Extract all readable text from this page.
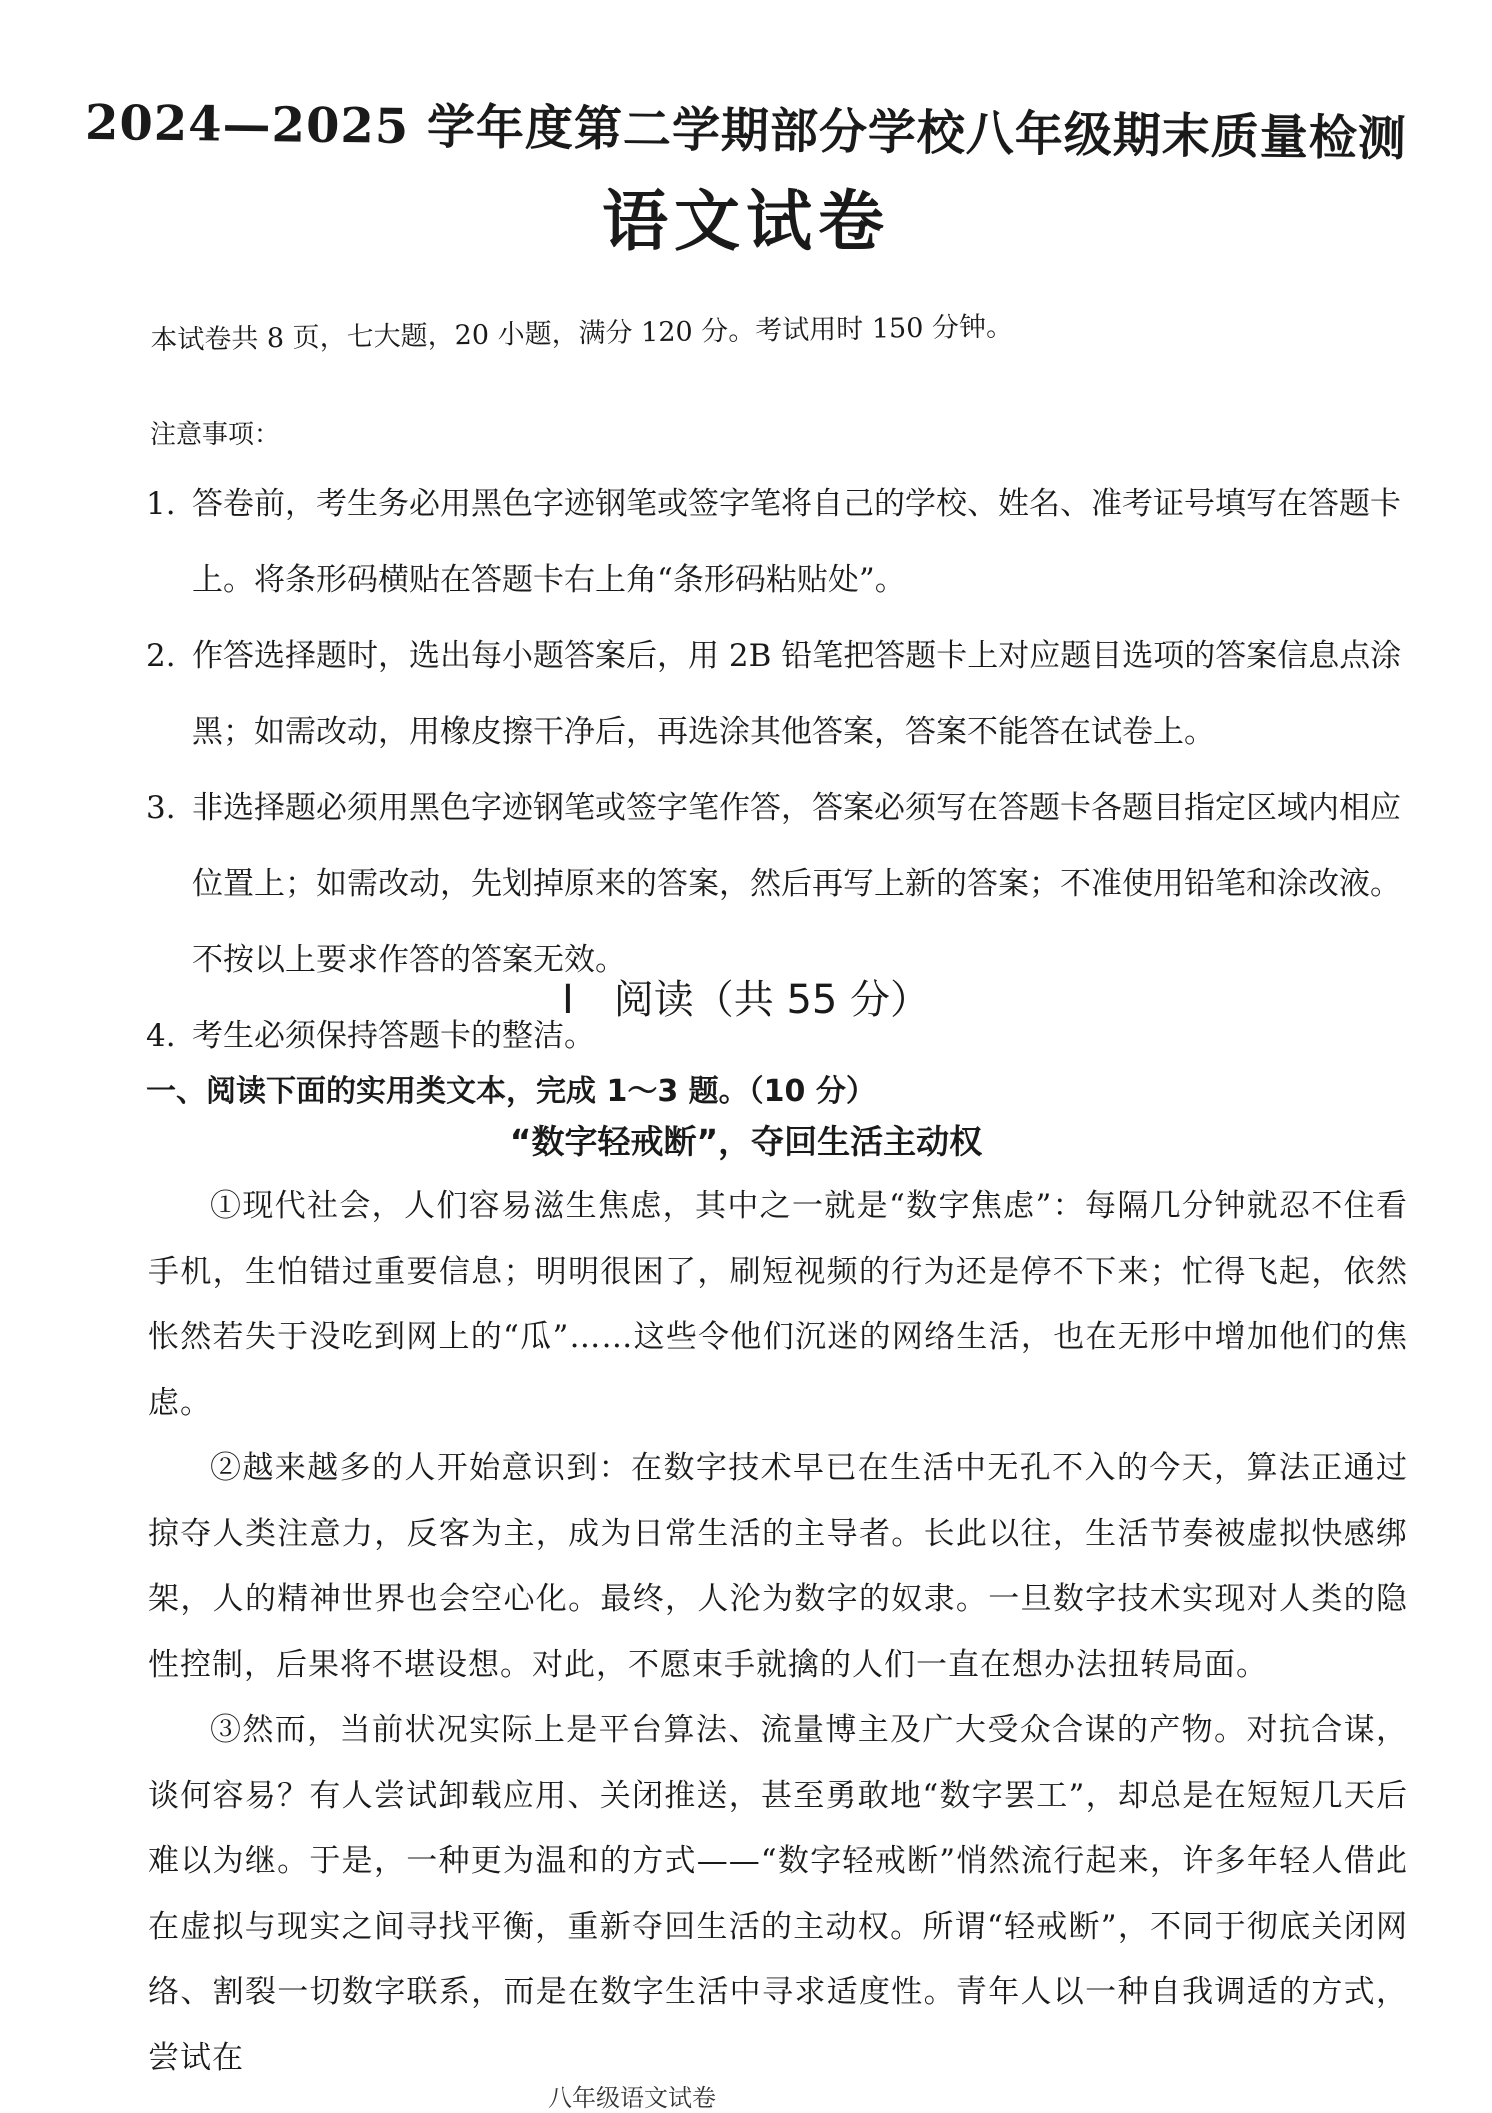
2024—2025 学年度第二学期部分学校八年级期末质量检测
语文试卷
本试卷共 8 页，七大题，20 小题，满分 120 分。考试用时 150 分钟。
注意事项：
1. 答卷前，考生务必用黑色字迹钢笔或签字笔将自己的学校、姓名、准考证号填写在答题卡上。将条形码横贴在答题卡右上角“条形码粘贴处”。
2. 作答选择题时，选出每小题答案后，用 2B 铅笔把答题卡上对应题目选项的答案信息点涂黑；如需改动，用橡皮擦干净后，再选涂其他答案，答案不能答在试卷上。
3. 非选择题必须用黑色字迹钢笔或签字笔作答，答案必须写在答题卡各题目指定区域内相应位置上；如需改动，先划掉原来的答案，然后再写上新的答案；不准使用铅笔和涂改液。不按以上要求作答的答案无效。
4. 考生必须保持答题卡的整洁。
Ⅰ　阅读（共 55 分）
一、阅读下面的实用类文本，完成 1～3 题。（10 分）
“数字轻戒断”，夺回生活主动权

①现代社会，人们容易滋生焦虑，其中之一就是“数字焦虑”：每隔几分钟就忍不住看手机，生怕错过重要信息；明明很困了，刷短视频的行为还是停不下来；忙得飞起，依然怅然若失于没吃到网上的“瓜”……这些令他们沉迷的网络生活，也在无形中增加他们的焦虑。

②越来越多的人开始意识到：在数字技术早已在生活中无孔不入的今天，算法正通过掠夺人类注意力，反客为主，成为日常生活的主导者。长此以往，生活节奏被虚拟快感绑架，人的精神世界也会空心化。最终，人沦为数字的奴隶。一旦数字技术实现对人类的隐性控制，后果将不堪设想。对此，不愿束手就擒的人们一直在想办法扭转局面。

③然而，当前状况实际上是平台算法、流量博主及广大受众合谋的产物。对抗合谋，谈何容易？有人尝试卸载应用、关闭推送，甚至勇敢地“数字罢工”，却总是在短短几天后难以为继。于是，一种更为温和的方式——“数字轻戒断”悄然流行起来，许多年轻人借此在虚拟与现实之间寻找平衡，重新夺回生活的主动权。所谓“轻戒断”，不同于彻底关闭网络、割裂一切数字联系，而是在数字生活中寻求适度性。青年人以一种自我调适的方式，尝试在

八年级语文试卷
